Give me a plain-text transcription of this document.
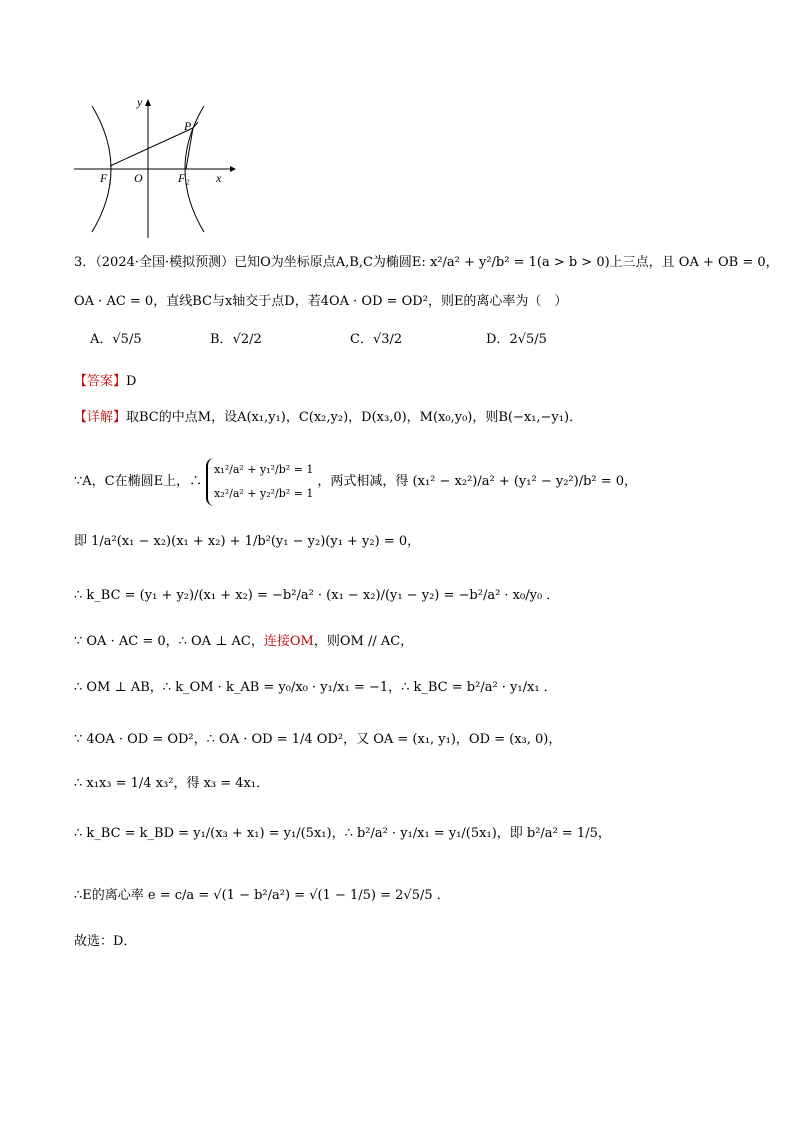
y
x
P
O
F₁	F₂
3．（2024·全国·模拟预测）已知O为坐标原点A,B,C为椭圆E: x²/a² + y²/b² = 1(a > b > 0)上三点，且 OA + OB = 0，
OA · AC = 0，直线BC与x轴交于点D，若4OA · OD = OD²，则E的离心率为（　）
A．√5/5	B．√2/2	C．√3/2	D．2√5/5
【答案】D
【详解】取BC的中点M，设A(x₁,y₁)，C(x₂,y₂)，D(x₃,0)，M(x₀,y₀)，则B(−x₁,−y₁)．
∵A，C在椭圆E上，∴
x₁²/a² + y₁²/b² = 1
x₂²/a² + y₂²/b² = 1
，两式相减，得 (x₁² − x₂²)/a² + (y₁² − y₂²)/b² = 0，
即 1/a²(x₁ − x₂)(x₁ + x₂) + 1/b²(y₁ − y₂)(y₁ + y₂) = 0，
∴ k_BC = (y₁ + y₂)/(x₁ + x₂) = −b²/a² · (x₁ − x₂)/(y₁ − y₂) = −b²/a² · x₀/y₀ ．
∵ OA · AC = 0，∴ OA ⊥ AC，连接OM，则OM // AC，
∴ OM ⊥ AB，∴ k_OM · k_AB = y₀/x₀ · y₁/x₁ = −1，∴ k_BC = b²/a² · y₁/x₁ ．
∵ 4OA · OD = OD²，∴ OA · OD = 1/4 OD²，又 OA = (x₁, y₁)，OD = (x₃, 0)，
∴ x₁x₃ = 1/4 x₃²，得 x₃ = 4x₁．
∴ k_BC = k_BD = y₁/(x₃ + x₁) = y₁/(5x₁)，∴ b²/a² · y₁/x₁ = y₁/(5x₁)，即 b²/a² = 1/5，
∴E的离心率 e = c/a = √(1 − b²/a²) = √(1 − 1/5) = 2√5/5 ．
故选：D．
